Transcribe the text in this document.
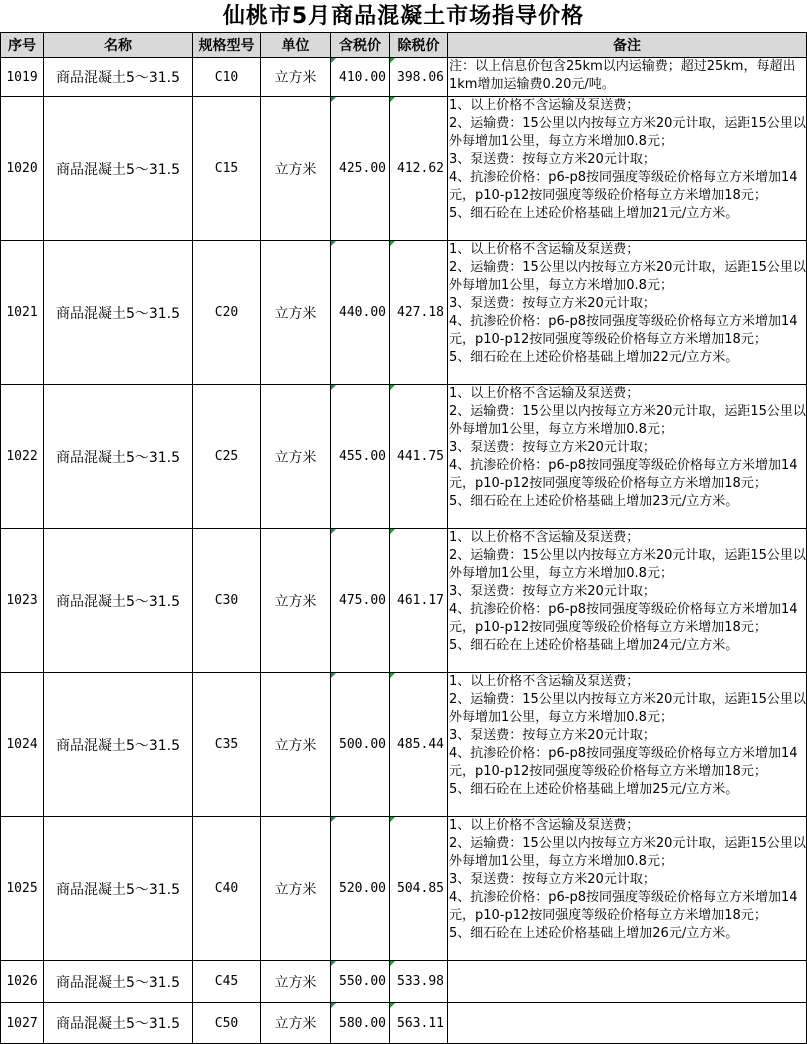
仙桃市5月商品混凝土市场指导价格
序号	名称	规格型号	单位	含税价	除税价	备注
1019	商品混凝土5～31.5	C10	立方米	410.00	398.06	注：以上信息价包含25km以内运输费；超过25km，每超出1km增加运输费0.20元/吨。

1020	商品混凝土5～31.5	C15	立方米	425.00	412.62	1、以上价格不含运输及泵送费；
2、运输费：15公里以内按每立方米20元计取，运距15公里以外每增加1公里，每立方米增加0.8元；
3、泵送费：按每立方米20元计取；
4、抗渗砼价格：p6-p8按同强度等级砼价格每立方米增加14元，p10-p12按同强度等级砼价格每立方米增加18元；
5、细石砼在上述砼价格基础上增加21元/立方米。

1021	商品混凝土5～31.5	C20	立方米	440.00	427.18	1、以上价格不含运输及泵送费；
2、运输费：15公里以内按每立方米20元计取，运距15公里以外每增加1公里，每立方米增加0.8元；
3、泵送费：按每立方米20元计取；
4、抗渗砼价格：p6-p8按同强度等级砼价格每立方米增加14元，p10-p12按同强度等级砼价格每立方米增加18元；
5、细石砼在上述砼价格基础上增加22元/立方米。

1022	商品混凝土5～31.5	C25	立方米	455.00	441.75	1、以上价格不含运输及泵送费；
2、运输费：15公里以内按每立方米20元计取，运距15公里以外每增加1公里，每立方米增加0.8元；
3、泵送费：按每立方米20元计取；
4、抗渗砼价格：p6-p8按同强度等级砼价格每立方米增加14元，p10-p12按同强度等级砼价格每立方米增加18元；
5、细石砼在上述砼价格基础上增加23元/立方米。

1023	商品混凝土5～31.5	C30	立方米	475.00	461.17	1、以上价格不含运输及泵送费；
2、运输费：15公里以内按每立方米20元计取，运距15公里以外每增加1公里，每立方米增加0.8元；
3、泵送费：按每立方米20元计取；
4、抗渗砼价格：p6-p8按同强度等级砼价格每立方米增加14元，p10-p12按同强度等级砼价格每立方米增加18元；
5、细石砼在上述砼价格基础上增加24元/立方米。

1024	商品混凝土5～31.5	C35	立方米	500.00	485.44	1、以上价格不含运输及泵送费；
2、运输费：15公里以内按每立方米20元计取，运距15公里以外每增加1公里，每立方米增加0.8元；
3、泵送费：按每立方米20元计取；
4、抗渗砼价格：p6-p8按同强度等级砼价格每立方米增加14元，p10-p12按同强度等级砼价格每立方米增加18元；
5、细石砼在上述砼价格基础上增加25元/立方米。

1025	商品混凝土5～31.5	C40	立方米	520.00	504.85	1、以上价格不含运输及泵送费；
2、运输费：15公里以内按每立方米20元计取，运距15公里以外每增加1公里，每立方米增加0.8元；
3、泵送费：按每立方米20元计取；
4、抗渗砼价格：p6-p8按同强度等级砼价格每立方米增加14元，p10-p12按同强度等级砼价格每立方米增加18元；
5、细石砼在上述砼价格基础上增加26元/立方米。

1026	商品混凝土5～31.5	C45	立方米	550.00	533.98	
1027	商品混凝土5～31.5	C50	立方米	580.00	563.11	
